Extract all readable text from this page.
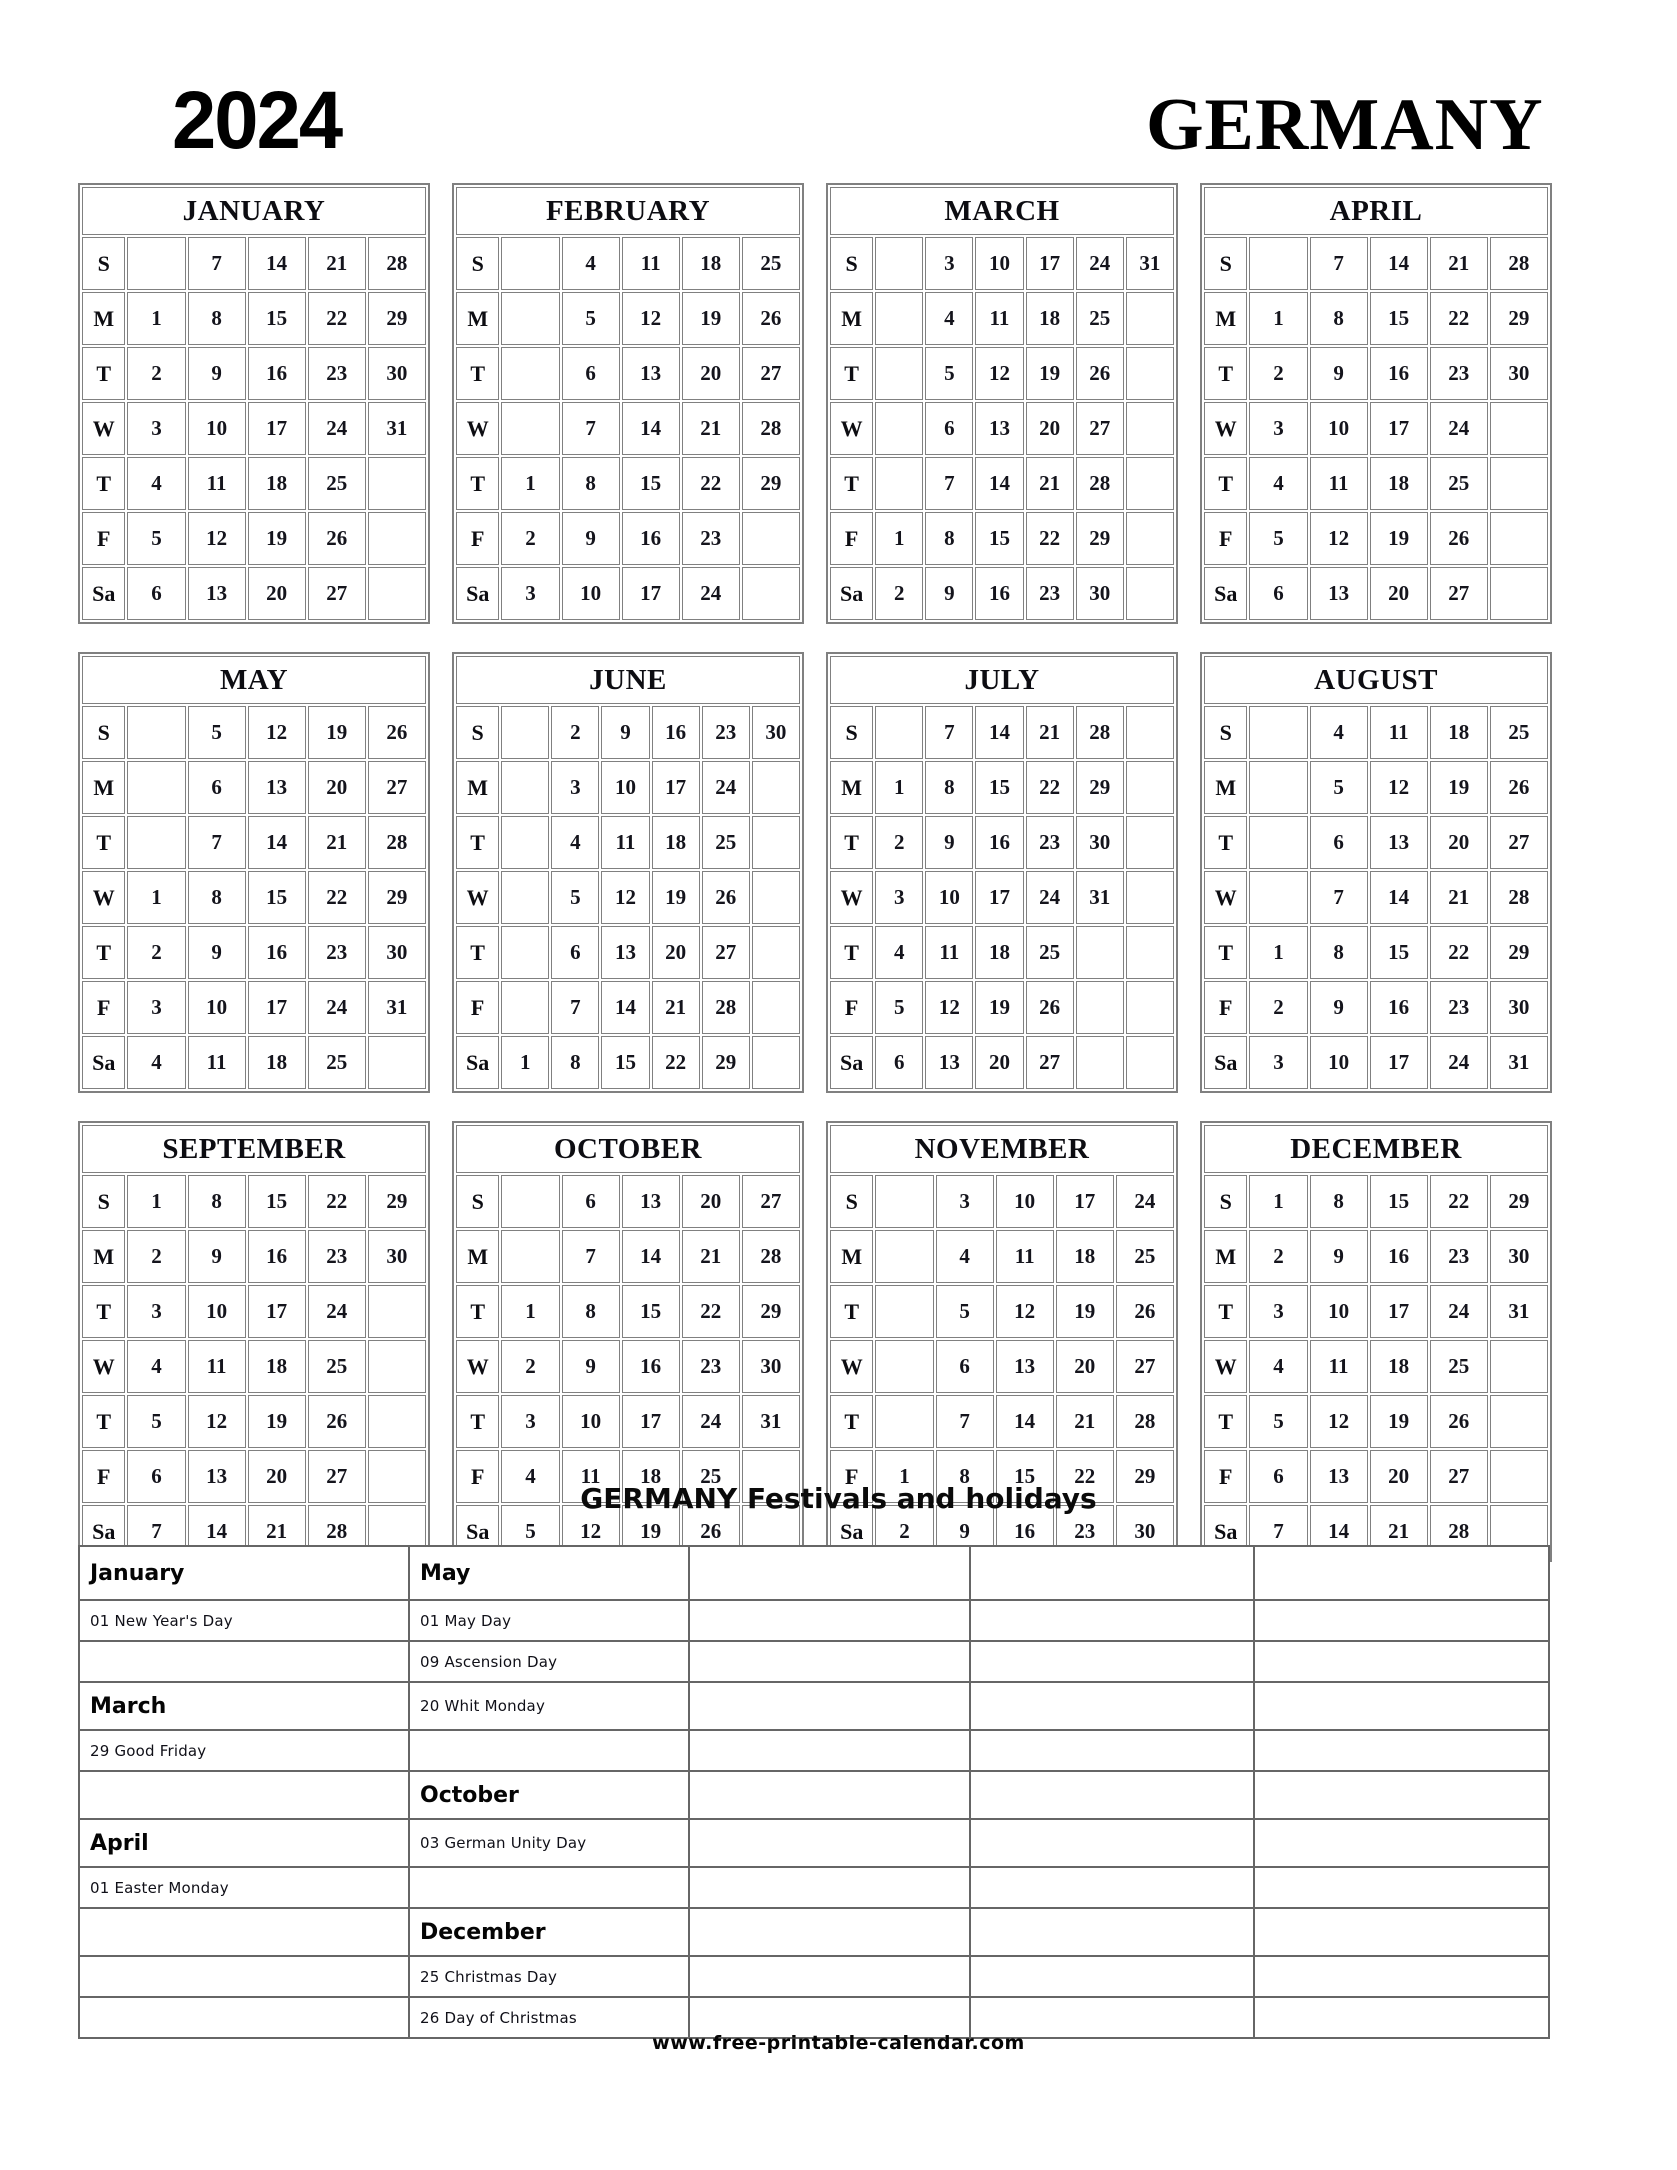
2024	GERMANY
JANUARY					
S		7	14	21	28
M	1	8	15	22	29
T	2	9	16	23	30
W	3	10	17	24	31
T	4	11	18	25	
F	5	12	19	26	
Sa	6	13	20	27	
FEBRUARY					
S		4	11	18	25
M		5	12	19	26
T		6	13	20	27
W		7	14	21	28
T	1	8	15	22	29
F	2	9	16	23	
Sa	3	10	17	24	
MARCH						
S		3	10	17	24	31
M		4	11	18	25	
T		5	12	19	26	
W		6	13	20	27	
T		7	14	21	28	
F	1	8	15	22	29	
Sa	2	9	16	23	30	
APRIL					
S		7	14	21	28
M	1	8	15	22	29
T	2	9	16	23	30
W	3	10	17	24	
T	4	11	18	25	
F	5	12	19	26	
Sa	6	13	20	27	
MAY					
S		5	12	19	26
M		6	13	20	27
T		7	14	21	28
W	1	8	15	22	29
T	2	9	16	23	30
F	3	10	17	24	31
Sa	4	11	18	25	
JUNE						
S		2	9	16	23	30
M		3	10	17	24	
T		4	11	18	25	
W		5	12	19	26	
T		6	13	20	27	
F		7	14	21	28	
Sa	1	8	15	22	29	
JULY						
S		7	14	21	28	
M	1	8	15	22	29	
T	2	9	16	23	30	
W	3	10	17	24	31	
T	4	11	18	25		
F	5	12	19	26		
Sa	6	13	20	27		
AUGUST					
S		4	11	18	25
M		5	12	19	26
T		6	13	20	27
W		7	14	21	28
T	1	8	15	22	29
F	2	9	16	23	30
Sa	3	10	17	24	31
SEPTEMBER					
S	1	8	15	22	29
M	2	9	16	23	30
T	3	10	17	24	
W	4	11	18	25	
T	5	12	19	26	
F	6	13	20	27	
Sa	7	14	21	28	
OCTOBER					
S		6	13	20	27
M		7	14	21	28
T	1	8	15	22	29
W	2	9	16	23	30
T	3	10	17	24	31
F	4	11	18	25	
Sa	5	12	19	26	
NOVEMBER					
S		3	10	17	24
M		4	11	18	25
T		5	12	19	26
W		6	13	20	27
T		7	14	21	28
F	1	8	15	22	29
Sa	2	9	16	23	30
DECEMBER					
S	1	8	15	22	29
M	2	9	16	23	30
T	3	10	17	24	31
W	4	11	18	25	
T	5	12	19	26	
F	6	13	20	27	
Sa	7	14	21	28	
GERMANY Festivals and holidays
January	May			
01 New Year's Day	01 May Day			
	09 Ascension Day			
March	20 Whit Monday			
29 Good Friday				
	October			
April	03 German Unity Day			
01 Easter Monday				
	December			
	25 Christmas Day			
	26 Day of Christmas			
www.free-printable-calendar.com
